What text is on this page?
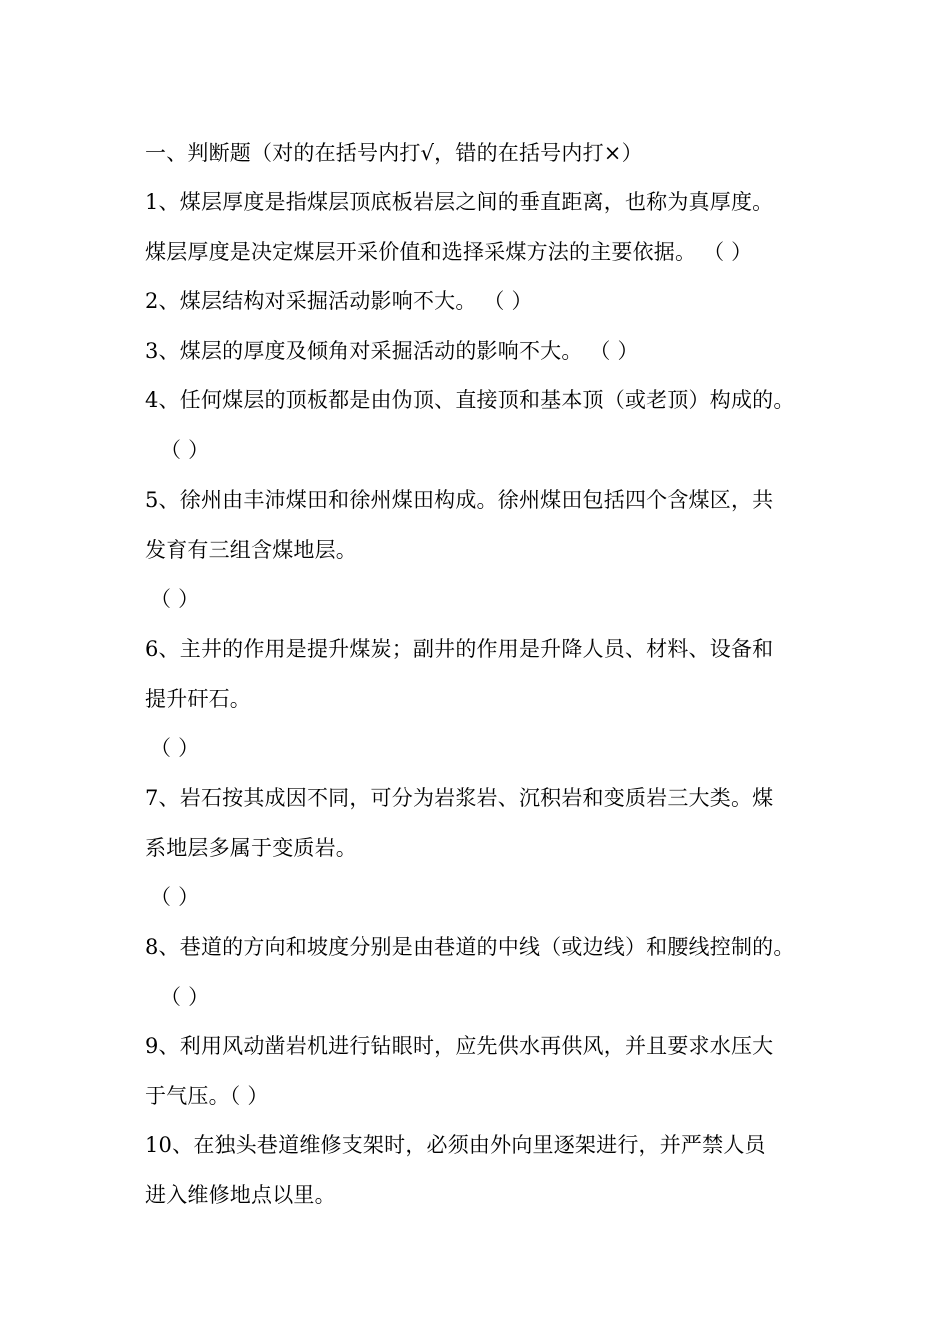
一、判断题（对的在括号内打√，错的在括号内打×）
1、煤层厚度是指煤层顶底板岩层之间的垂直距离，也称为真厚度。
煤层厚度是决定煤层开采价值和选择采煤方法的主要依据。 （ ）
2、煤层结构对采掘活动影响不大。 （ ）
3、煤层的厚度及倾角对采掘活动的影响不大。 （ ）
4、任何煤层的顶板都是由伪顶、直接顶和基本顶（或老顶）构成的。
（ ）
5、徐州由丰沛煤田和徐州煤田构成。徐州煤田包括四个含煤区，共
发育有三组含煤地层。
（ ）
6、主井的作用是提升煤炭；副井的作用是升降人员、材料、设备和
提升矸石。
（ ）
7、岩石按其成因不同，可分为岩浆岩、沉积岩和变质岩三大类。煤
系地层多属于变质岩。
（ ）
8、巷道的方向和坡度分别是由巷道的中线（或边线）和腰线控制的。
（ ）
9、利用风动凿岩机进行钻眼时，应先供水再供风，并且要求水压大
于气压。（ ）
10、在独头巷道维修支架时，必须由外向里逐架进行，并严禁人员
进入维修地点以里。
